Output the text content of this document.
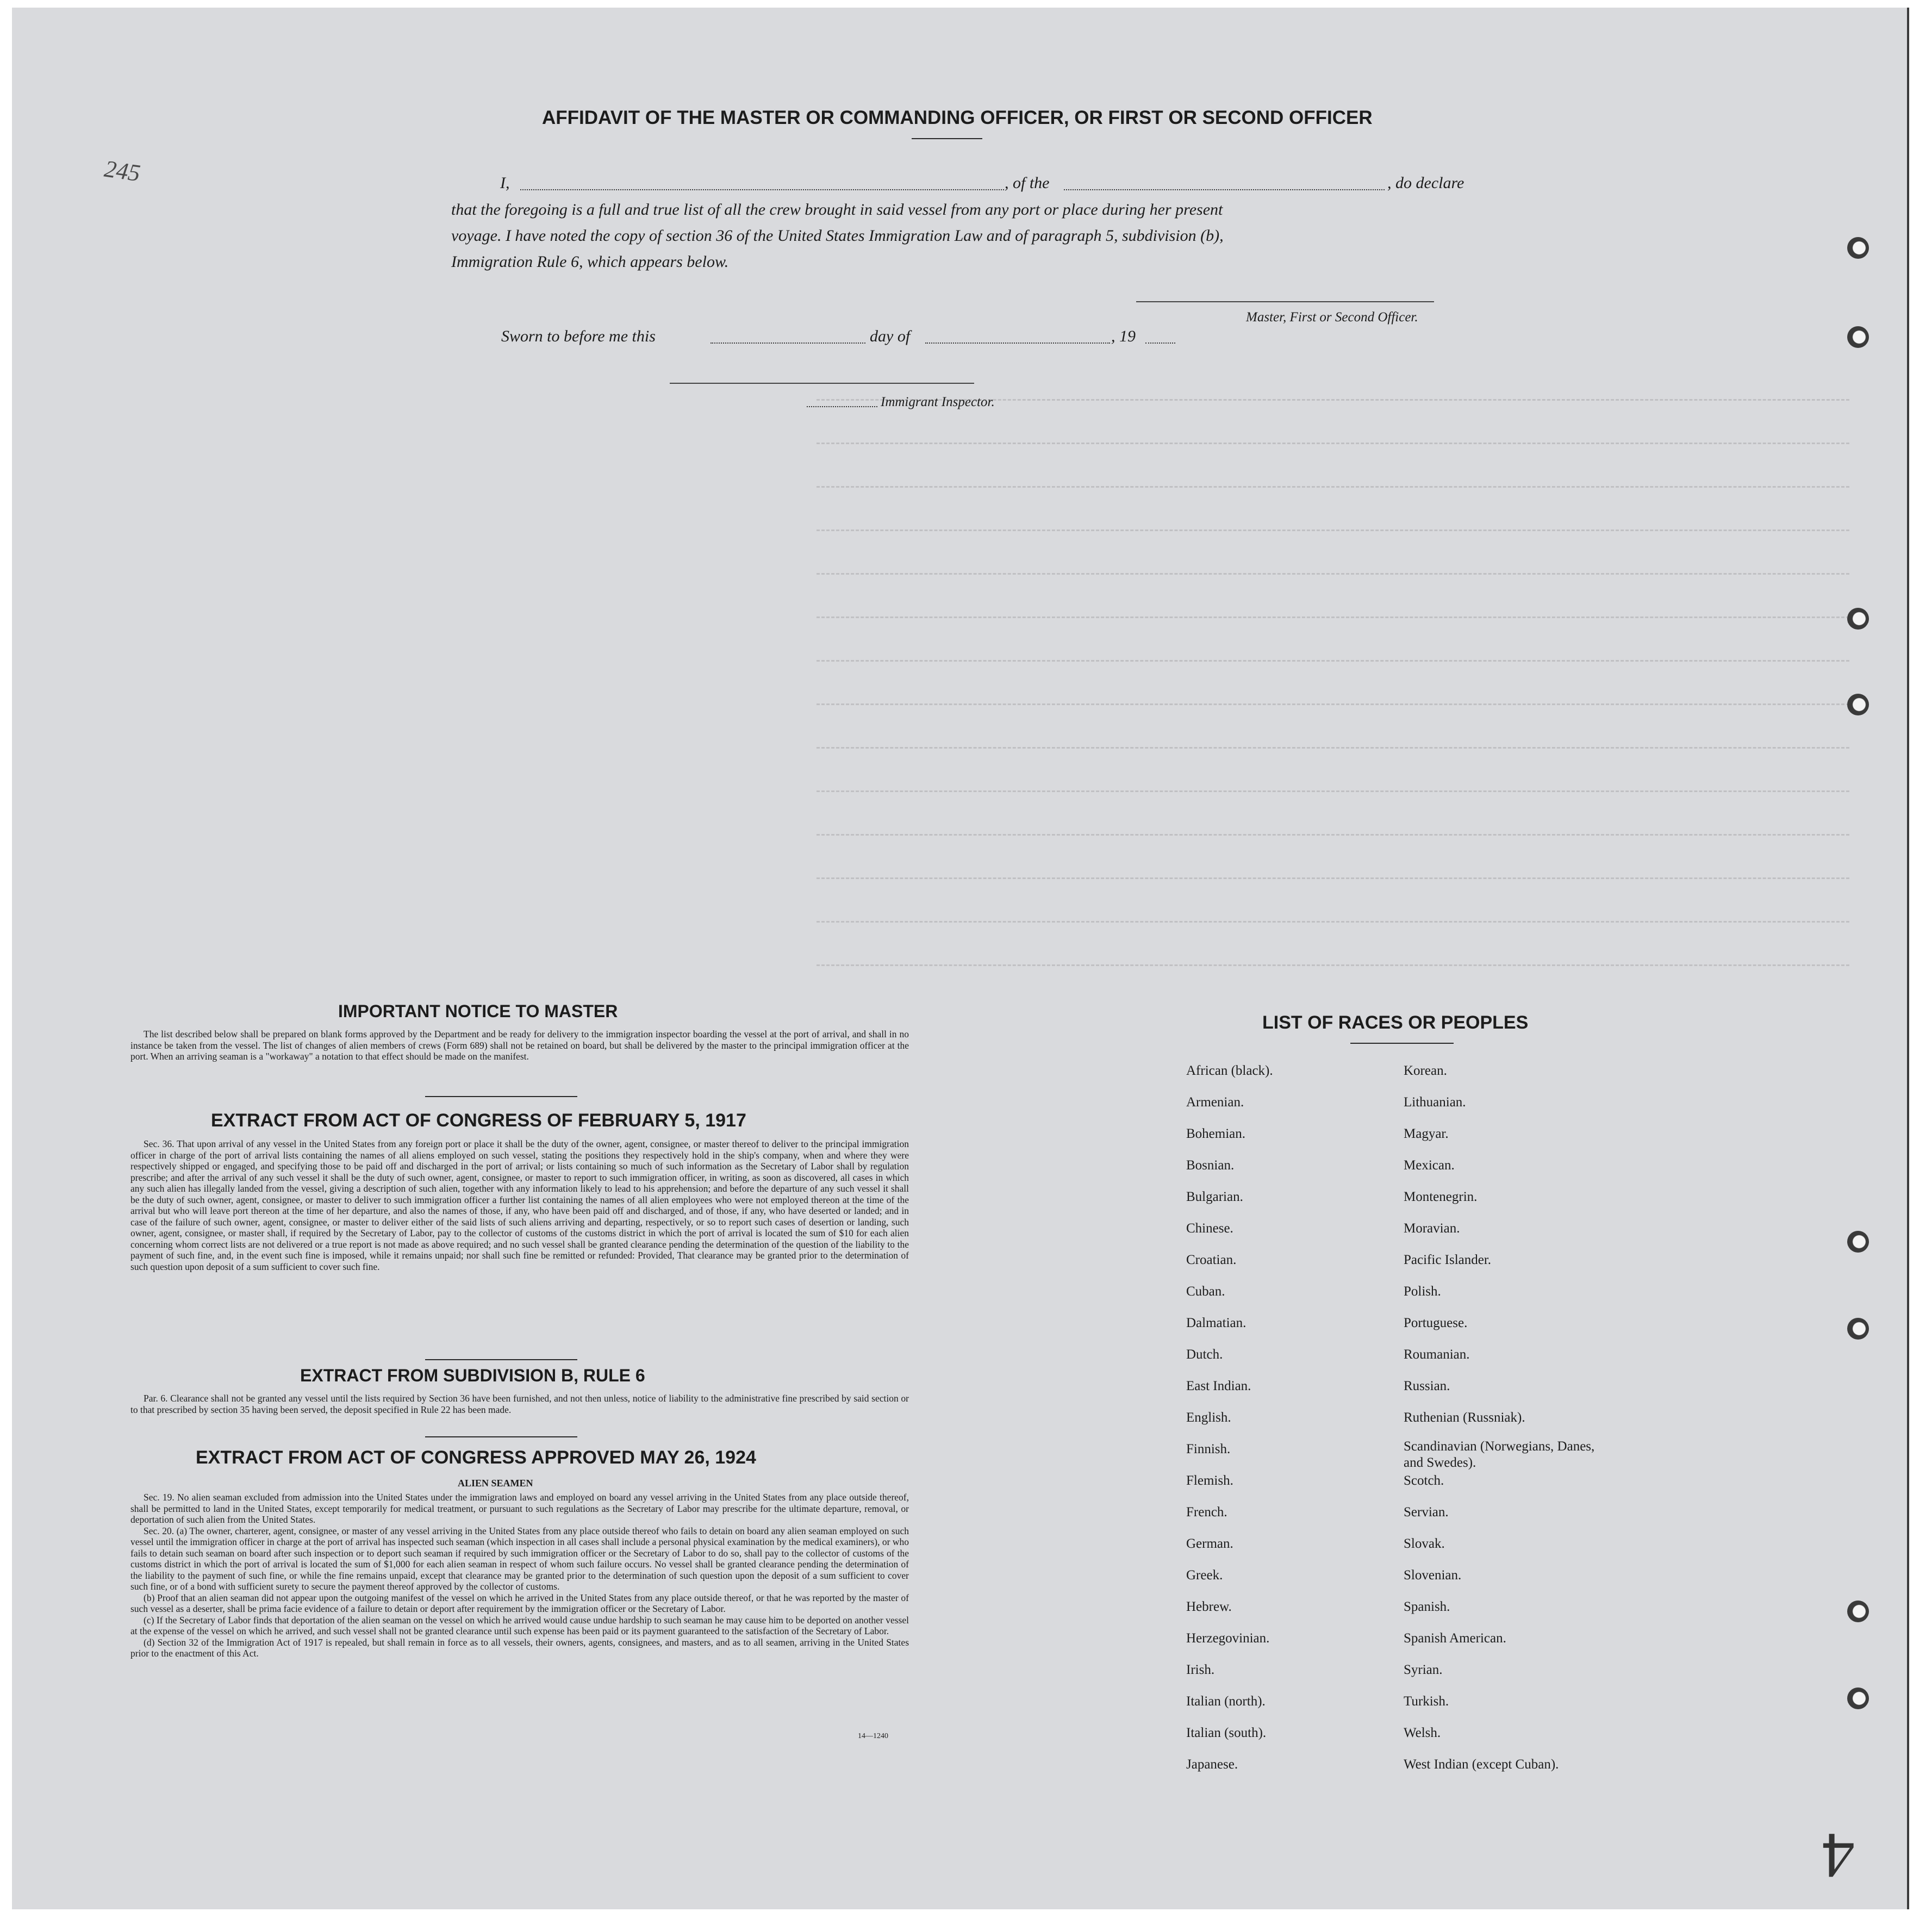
245
4
AFFIDAVIT OF THE MASTER OR COMMANDING OFFICER, OR FIRST OR SECOND OFFICER
I,	, of the	, do declare
that the foregoing is a full and true list of all the crew brought in said vessel from any port or place during her present
voyage. I have noted the copy of section 36 of the United States Immigration Law and of paragraph 5, subdivision (b),
Immigration Rule 6, which appears below.
Master, First or Second Officer.
Sworn to before me this	day of	, 19
Immigrant Inspector.
IMPORTANT NOTICE TO MASTER

The list described below shall be prepared on blank forms approved by the Department and be ready for delivery to the immigration inspector boarding the vessel at the port of arrival, and shall in no instance be taken from the vessel. The list of changes of alien members of crews (Form 689) shall not be retained on board, but shall be delivered by the master to the principal immigration officer at the port. When an arriving seaman is a "workaway" a notation to that effect should be made on the manifest.

EXTRACT FROM ACT OF CONGRESS OF FEBRUARY 5, 1917

Sec. 36. That upon arrival of any vessel in the United States from any foreign port or place it shall be the duty of the owner, agent, consignee, or master thereof to deliver to the principal immigration officer in charge of the port of arrival lists containing the names of all aliens employed on such vessel, stating the positions they respectively hold in the ship's company, when and where they were respectively shipped or engaged, and specifying those to be paid off and discharged in the port of arrival; or lists containing so much of such information as the Secretary of Labor shall by regulation prescribe; and after the arrival of any such vessel it shall be the duty of such owner, agent, consignee, or master to report to such immigration officer, in writing, as soon as discovered, all cases in which any such alien has illegally landed from the vessel, giving a description of such alien, together with any information likely to lead to his apprehension; and before the departure of any such vessel it shall be the duty of such owner, agent, consignee, or master to deliver to such immigration officer a further list containing the names of all alien employees who were not employed thereon at the time of the arrival but who will leave port thereon at the time of her departure, and also the names of those, if any, who have been paid off and discharged, and of those, if any, who have deserted or landed; and in case of the failure of such owner, agent, consignee, or master to deliver either of the said lists of such aliens arriving and departing, respectively, or so to report such cases of desertion or landing, such owner, agent, consignee, or master shall, if required by the Secretary of Labor, pay to the collector of customs of the customs district in which the port of arrival is located the sum of $10 for each alien concerning whom correct lists are not delivered or a true report is not made as above required; and no such vessel shall be granted clearance pending the determination of the question of the liability to the payment of such fine, and, in the event such fine is imposed, while it remains unpaid; nor shall such fine be remitted or refunded: Provided, That clearance may be granted prior to the determination of such question upon deposit of a sum sufficient to cover such fine.

EXTRACT FROM SUBDIVISION B, RULE 6

Par. 6. Clearance shall not be granted any vessel until the lists required by Section 36 have been furnished, and not then unless, notice of liability to the administrative fine prescribed by said section or to that prescribed by section 35 having been served, the deposit specified in Rule 22 has been made.

EXTRACT FROM ACT OF CONGRESS APPROVED MAY 26, 1924
ALIEN SEAMEN

Sec. 19. No alien seaman excluded from admission into the United States under the immigration laws and employed on board any vessel arriving in the United States from any place outside thereof, shall be permitted to land in the United States, except temporarily for medical treatment, or pursuant to such regulations as the Secretary of Labor may prescribe for the ultimate departure, removal, or deportation of such alien from the United States.

Sec. 20. (a) The owner, charterer, agent, consignee, or master of any vessel arriving in the United States from any place outside thereof who fails to detain on board any alien seaman employed on such vessel until the immigration officer in charge at the port of arrival has inspected such seaman (which inspection in all cases shall include a personal physical examination by the medical examiners), or who fails to detain such seaman on board after such inspection or to deport such seaman if required by such immigration officer or the Secretary of Labor to do so, shall pay to the collector of customs of the customs district in which the port of arrival is located the sum of $1,000 for each alien seaman in respect of whom such failure occurs. No vessel shall be granted clearance pending the determination of the liability to the payment of such fine, or while the fine remains unpaid, except that clearance may be granted prior to the determination of such question upon the deposit of a sum sufficient to cover such fine, or of a bond with sufficient surety to secure the payment thereof approved by the collector of customs.

(b) Proof that an alien seaman did not appear upon the outgoing manifest of the vessel on which he arrived in the United States from any place outside thereof, or that he was reported by the master of such vessel as a deserter, shall be prima facie evidence of a failure to detain or deport after requirement by the immigration officer or the Secretary of Labor.

(c) If the Secretary of Labor finds that deportation of the alien seaman on the vessel on which he arrived would cause undue hardship to such seaman he may cause him to be deported on another vessel at the expense of the vessel on which he arrived, and such vessel shall not be granted clearance until such expense has been paid or its payment guaranteed to the satisfaction of the Secretary of Labor.

(d) Section 32 of the Immigration Act of 1917 is repealed, but shall remain in force as to all vessels, their owners, agents, consignees, and masters, and as to all seamen, arriving in the United States prior to the enactment of this Act.

14—1240
LIST OF RACES OR PEOPLES
African (black).
Armenian.
Bohemian.
Bosnian.
Bulgarian.
Chinese.
Croatian.
Cuban.
Dalmatian.
Dutch.
East Indian.
English.
Finnish.
Flemish.
French.
German.
Greek.
Hebrew.
Herzegovinian.
Irish.
Italian (north).
Italian (south).
Japanese.
Korean.
Lithuanian.
Magyar.
Mexican.
Montenegrin.
Moravian.
Pacific Islander.
Polish.
Portuguese.
Roumanian.
Russian.
Ruthenian (Russniak).
Scandinavian (Norwegians, Danes, and Swedes).
Scotch.
Servian.
Slovak.
Slovenian.
Spanish.
Spanish American.
Syrian.
Turkish.
Welsh.
West Indian (except Cuban).
